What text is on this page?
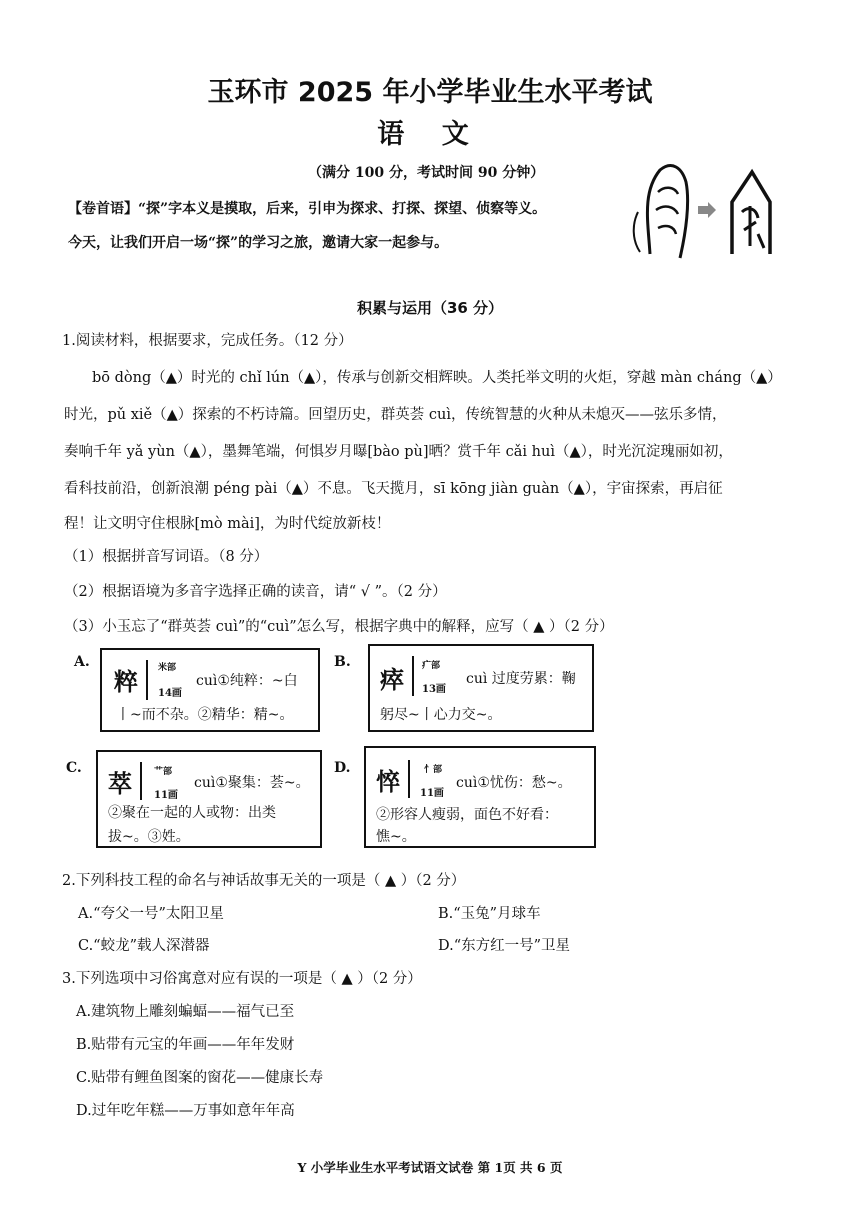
玉环市 2025 年小学毕业生水平考试
语 文
（满分 100 分，考试时间 90 分钟）
【卷首语】“探”字本义是摸取，后来，引申为探求、打探、探望、侦察等义。
今天，让我们开启一场“探”的学习之旅，邀请大家一起参与。
积累与运用（36 分）
1.阅读材料，根据要求，完成任务。（12 分）
bō dòng（▲）时光的 chǐ lún（▲），传承与创新交相辉映。人类托举文明的火炬，穿越 màn cháng（▲）
时光，pǔ xiě（▲）探索的不朽诗篇。回望历史，群英荟 cuì，传统智慧的火种从未熄灭——弦乐多情，
奏响千年 yǎ yùn（▲），墨舞笔端，何惧岁月曝[bào pù]晒？赏千年 cǎi huì（▲），时光沉淀瑰丽如初，
看科技前沿，创新浪潮 péng pài（▲）不息。飞天揽月，sī kōng jiàn guàn（▲），宇宙探索，再启征
程！让文明守住根脉[mò mài]，为时代绽放新枝！
（1）根据拼音写词语。（8 分）
（2）根据语境为多音字选择正确的读音，请“ √ ”。（2 分）
（3）小玉忘了“群英荟 cuì”的“cuì”怎么写，根据字典中的解释，应写（ ▲ ）（2 分）
A.
粹 米部
14画
cuì①纯粹：~白
丨~而不杂。②精华：精~。
B.
瘁 疒部
13画
cuì 过度劳累：鞠
躬尽~丨心力交~。
C.
萃 艹部
11画
cuì①聚集：荟~。
②聚在一起的人或物：出类
拔~。③姓。
D. 悴	忄部
11画
cuì①忧伤：愁~。
②形容人瘦弱，面色不好看：
憔~。
2.下列科技工程的命名与神话故事无关的一项是（ ▲ ）（2 分）
A.“夸父一号”太阳卫星	B.“玉兔”月球车
C.“蛟龙”载人深潜器	D.“东方红一号”卫星
3.下列选项中习俗寓意对应有误的一项是（ ▲ ）（2 分）
A.建筑物上雕刻蝙蝠——福气已至
B.贴带有元宝的年画——年年发财
C.贴带有鲤鱼图案的窗花——健康长寿
D.过年吃年糕——万事如意年年高
Y 小学毕业生水平考试语文试卷 第 1页 共 6 页
